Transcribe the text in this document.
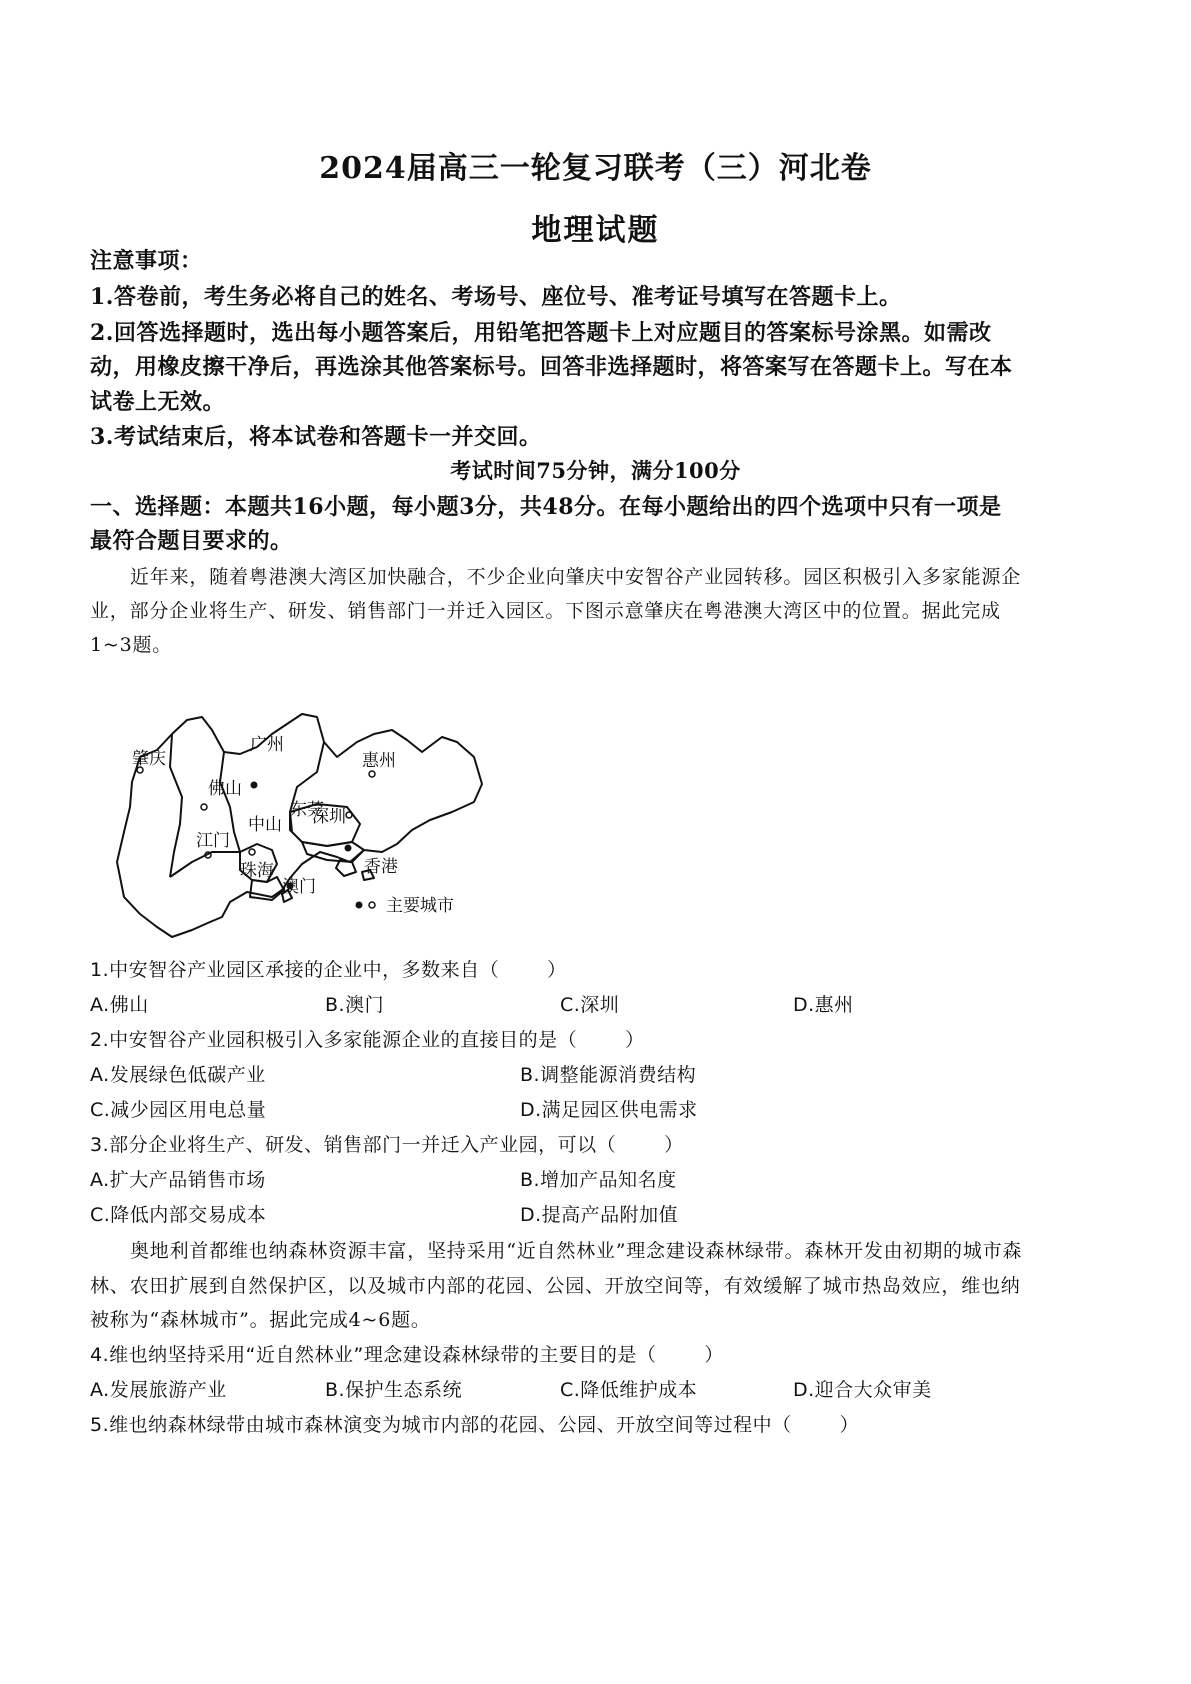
2024届高三一轮复习联考（三）河北卷
地理试题
注意事项：
1.答卷前，考生务必将自己的姓名、考场号、座位号、准考证号填写在答题卡上。
2.回答选择题时，选出每小题答案后，用铅笔把答题卡上对应题目的答案标号涂黑。如需改
动，用橡皮擦干净后，再选涂其他答案标号。回答非选择题时，将答案写在答题卡上。写在本
试卷上无效。
3.考试结束后，将本试卷和答题卡一并交回。
考试时间75分钟，满分100分
一、选择题：本题共16小题，每小题3分，共48分。在每小题给出的四个选项中只有一项是
最符合题目要求的。
近年来，随着粤港澳大湾区加快融合，不少企业向肇庆中安智谷产业园转移。园区积极引入多家能源企
业，部分企业将生产、研发、销售部门一并迁入园区。下图示意肇庆在粤港澳大湾区中的位置。据此完成
1~3题。
肇庆
广州
惠州
佛山
东莞
深圳
中山
江门
香港
珠海
澳门
主要城市
1.中安智谷产业园区承接的企业中，多数来自（	）
A.佛山	B.澳门	C.深圳	D.惠州
2.中安智谷产业园积极引入多家能源企业的直接目的是（	）
A.发展绿色低碳产业	B.调整能源消费结构
C.减少园区用电总量	D.满足园区供电需求
3.部分企业将生产、研发、销售部门一并迁入产业园，可以（	）
A.扩大产品销售市场	B.增加产品知名度
C.降低内部交易成本	D.提高产品附加值
奥地利首都维也纳森林资源丰富，坚持采用“近自然林业”理念建设森林绿带。森林开发由初期的城市森
林、农田扩展到自然保护区，以及城市内部的花园、公园、开放空间等，有效缓解了城市热岛效应，维也纳
被称为“森林城市”。据此完成4~6题。
4.维也纳坚持采用“近自然林业”理念建设森林绿带的主要目的是（	）
A.发展旅游产业	B.保护生态系统	C.降低维护成本	D.迎合大众审美
5.维也纳森林绿带由城市森林演变为城市内部的花园、公园、开放空间等过程中（	）
